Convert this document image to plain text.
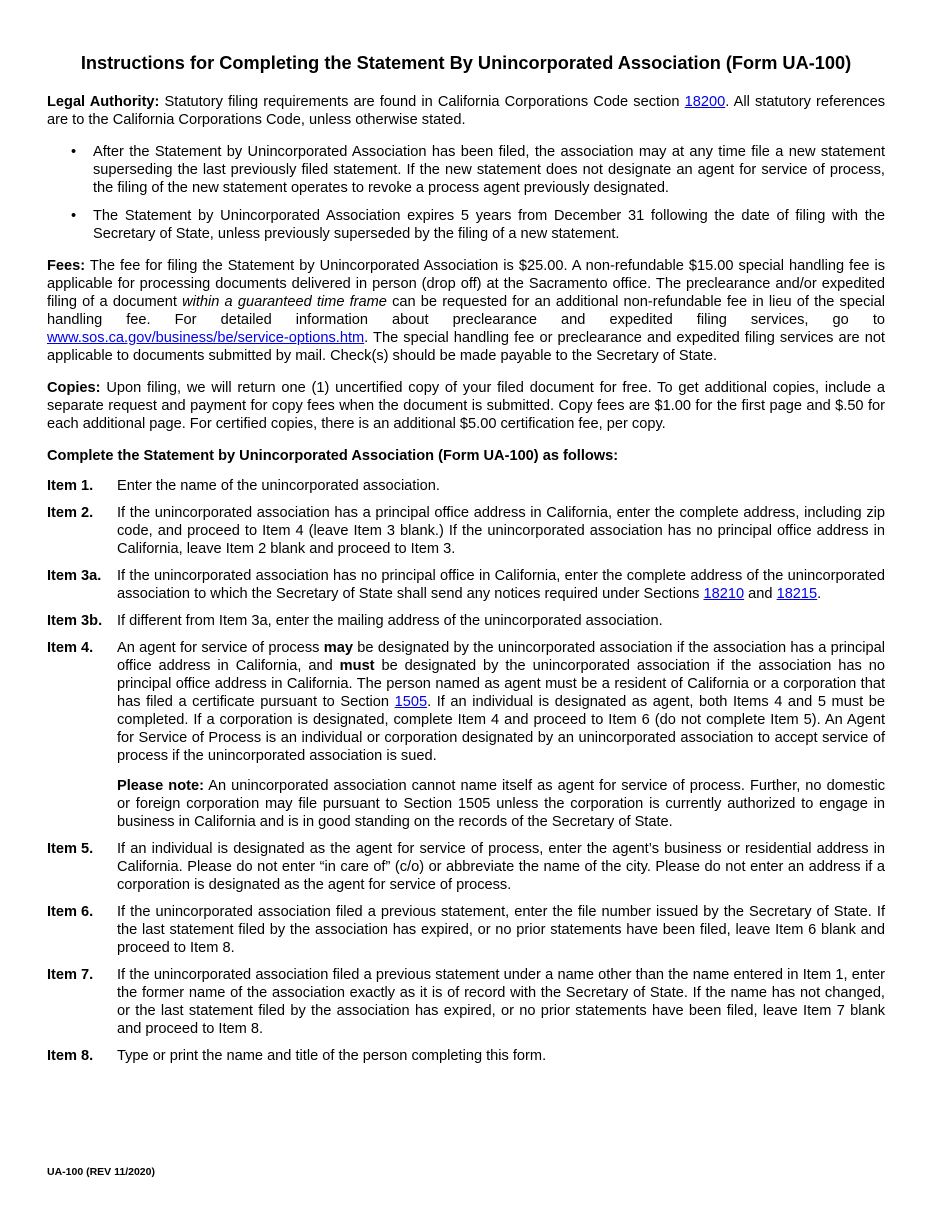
Instructions for Completing the Statement By Unincorporated Association (Form UA-100)

Legal Authority: Statutory filing requirements are found in California Corporations Code section 18200. All statutory references are to the California Corporations Code, unless otherwise stated.

• After the Statement by Unincorporated Association has been filed, the association may at any time file a new statement superseding the last previously filed statement. If the new statement does not designate an agent for service of process, the filing of the new statement operates to revoke a process agent previously designated.
• The Statement by Unincorporated Association expires 5 years from December 31 following the date of filing with the Secretary of State, unless previously superseded by the filing of a new statement.

Fees: The fee for filing the Statement by Unincorporated Association is $25.00. A non-refundable $15.00 special handling fee is applicable for processing documents delivered in person (drop off) at the Sacramento office. The preclearance and/or expedited filing of a document within a guaranteed time frame can be requested for an additional non-refundable fee in lieu of the special handling fee. For detailed information about preclearance and expedited filing services, go to www.sos.ca.gov/business/be/service-options.htm. The special handling fee or preclearance and expedited filing services are not applicable to documents submitted by mail. Check(s) should be made payable to the Secretary of State.

Copies: Upon filing, we will return one (1) uncertified copy of your filed document for free. To get additional copies, include a separate request and payment for copy fees when the document is submitted. Copy fees are $1.00 for the first page and $.50 for each additional page. For certified copies, there is an additional $5.00 certification fee, per copy.

Complete the Statement by Unincorporated Association (Form UA-100) as follows:

Item 1.	Enter the name of the unincorporated association.
Item 2.	If the unincorporated association has a principal office address in California, enter the complete address, including zip code, and proceed to Item 4 (leave Item 3 blank.) If the unincorporated association has no principal office address in California, leave Item 2 blank and proceed to Item 3.
Item 3a.	If the unincorporated association has no principal office in California, enter the complete address of the unincorporated association to which the Secretary of State shall send any notices required under Sections 18210 and 18215.
Item 3b.	If different from Item 3a, enter the mailing address of the unincorporated association.
Item 4.	An agent for service of process may be designated by the unincorporated association if the association has a principal office address in California, and must be designated by the unincorporated association if the association has no principal office address in California. The person named as agent must be a resident of California or a corporation that has filed a certificate pursuant to Section 1505. If an individual is designated as agent, both Items 4 and 5 must be completed. If a corporation is designated, complete Item 4 and proceed to Item 6 (do not complete Item 5). An Agent for Service of Process is an individual or corporation designated by an unincorporated association to accept service of process if the unincorporated association is sued.
Please note: An unincorporated association cannot name itself as agent for service of process. Further, no domestic or foreign corporation may file pursuant to Section 1505 unless the corporation is currently authorized to engage in business in California and is in good standing on the records of the Secretary of State.
Item 5.	If an individual is designated as the agent for service of process, enter the agent’s business or residential address in California. Please do not enter “in care of” (c/o) or abbreviate the name of the city. Please do not enter an address if a corporation is designated as the agent for service of process.
Item 6.	If the unincorporated association filed a previous statement, enter the file number issued by the Secretary of State. If the last statement filed by the association has expired, or no prior statements have been filed, leave Item 6 blank and proceed to Item 8.
Item 7.	If the unincorporated association filed a previous statement under a name other than the name entered in Item 1, enter the former name of the association exactly as it is of record with the Secretary of State. If the name has not changed, or the last statement filed by the association has expired, or no prior statements have been filed, leave Item 7 blank and proceed to Item 8.
Item 8.	Type or print the name and title of the person completing this form.
UA-100 (REV 11/2020)
